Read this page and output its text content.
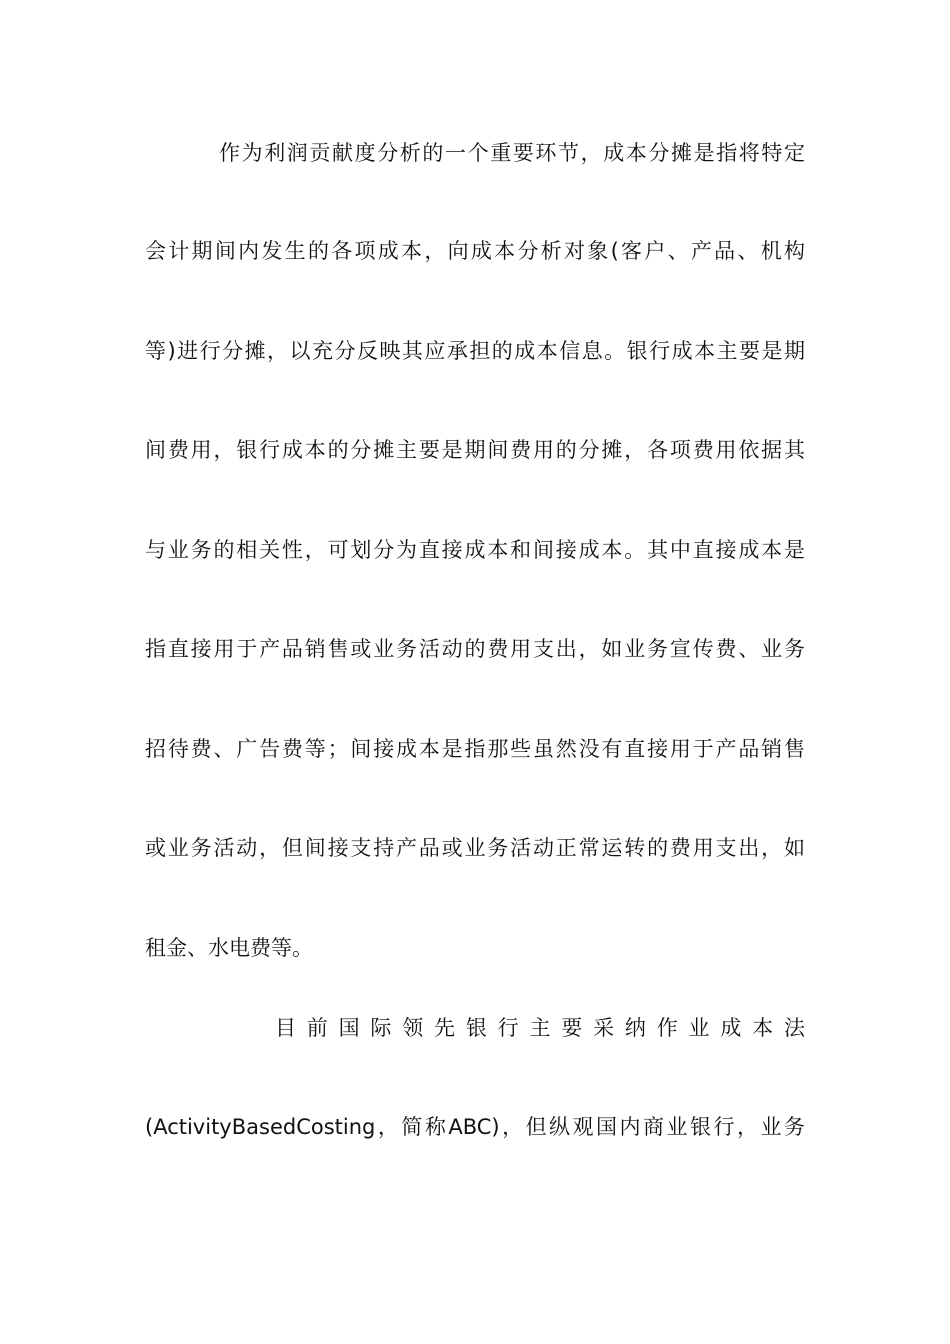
作为利润贡献度分析的一个重要环节，成本分摊是指将特定
会计期间内发生的各项成本，向成本分析对象(客户、产品、机构
等)进行分摊，以充分反映其应承担的成本信息。银行成本主要是期
间费用，银行成本的分摊主要是期间费用的分摊，各项费用依据其
与业务的相关性，可划分为直接成本和间接成本。其中直接成本是
指直接用于产品销售或业务活动的费用支出，如业务宣传费、业务
招待费、广告费等；间接成本是指那些虽然没有直接用于产品销售
或业务活动，但间接支持产品或业务活动正常运转的费用支出，如
租金、水电费等。
目前国际领先银行主要采纳作业成本法
(ActivityBasedCosting，简称ABC)，但纵观国内商业银行，业务
